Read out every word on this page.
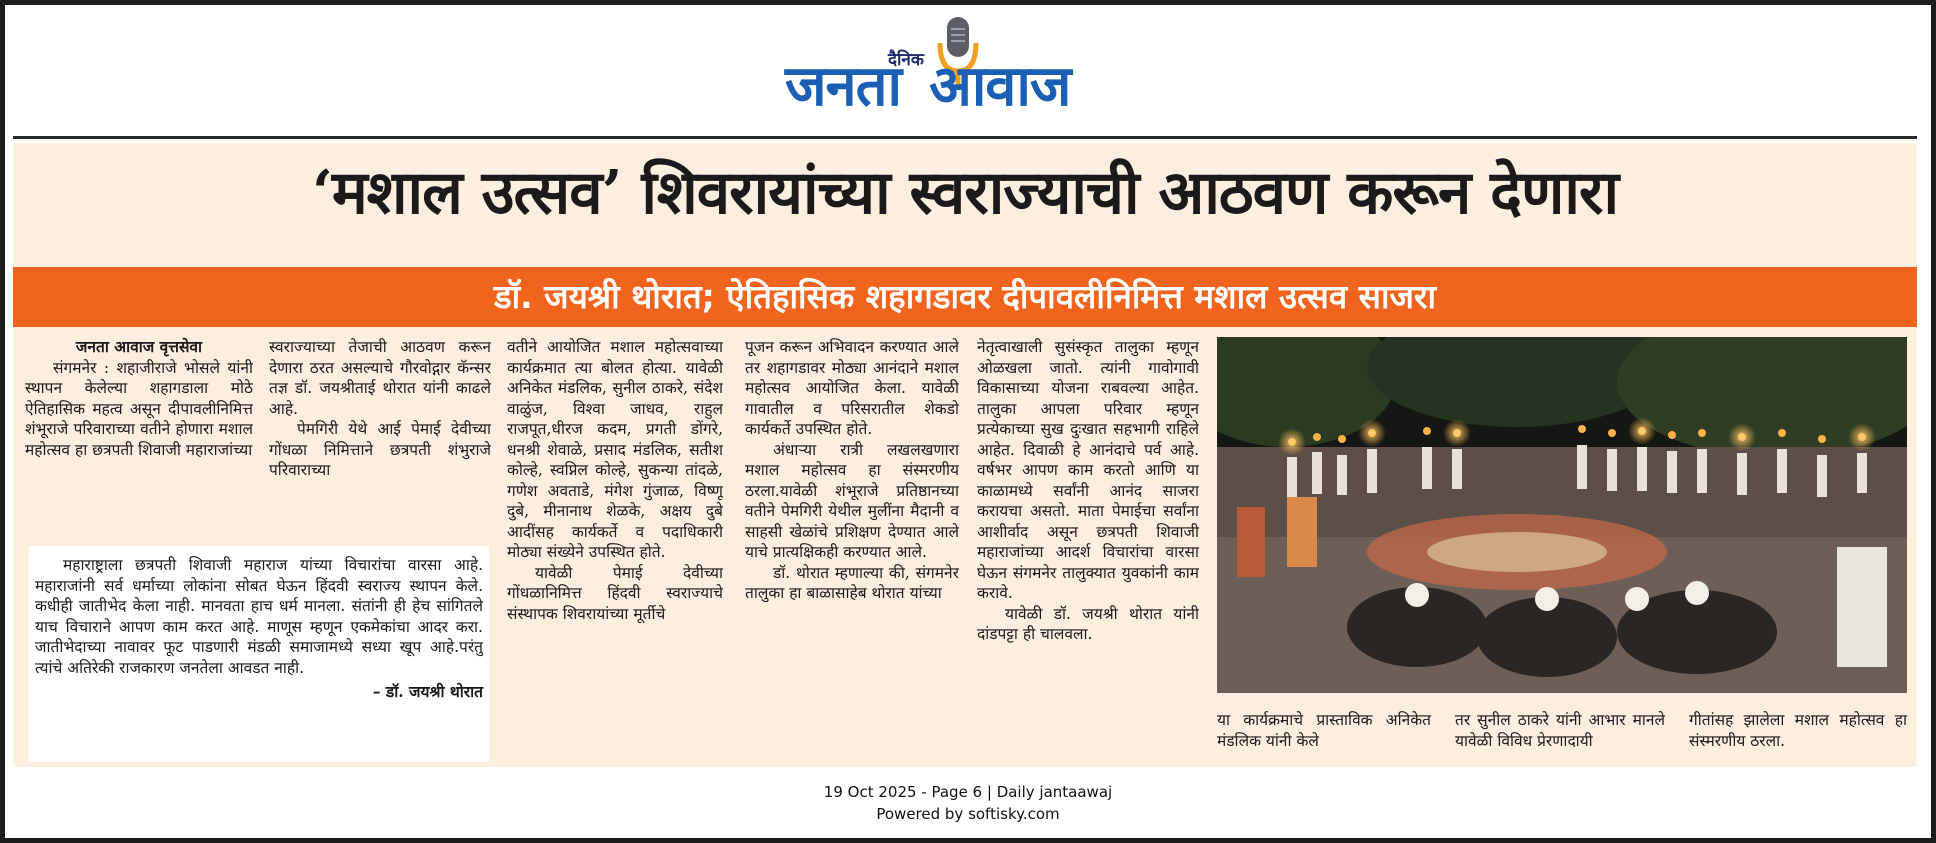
दैनिक
जनता आवाज
‘मशाल उत्सव’ शिवरायांच्या स्वराज्याची आठवण करून देणारा
डॉ. जयश्री थोरात; ऐतिहासिक शहागडावर दीपावलीनिमित्त मशाल उत्सव साजरा

जनता आवाज वृत्तसेवा

संगमनेर : शहाजीराजे भोसले यांनी स्थापन केलेल्या शहागडाला मोठे ऐतिहासिक महत्व असून दीपावलीनिमित्त शंभूराजे परिवाराच्या वतीने होणारा मशाल महोत्सव हा छत्रपती शिवाजी महाराजांच्या

स्वराज्याच्या तेजाची आठवण करून देणारा ठरत असल्याचे गौरवोद्गार कॅन्सर तज्ञ डॉ. जयश्रीताई थोरात यांनी काढले आहे.

पेमगिरी येथे आई पेमाई देवीच्या गोंधळा निमित्ताने छत्रपती शंभुराजे परिवाराच्या

महाराष्ट्राला छत्रपती शिवाजी महाराज यांच्या विचारांचा वारसा आहे. महाराजांनी सर्व धर्माच्या लोकांना सोबत घेऊन हिंदवी स्वराज्य स्थापन केले. कधीही जातीभेद केला नाही. मानवता हाच धर्म मानला. संतांनी ही हेच सांगितले याच विचाराने आपण काम करत आहे. माणूस म्हणून एकमेकांचा आदर करा. जातीभेदाच्या नावावर फूट पाडणारी मंडळी समाजामध्ये सध्या खूप आहे.परंतु त्यांचे अतिरेकी राजकारण जनतेला आवडत नाही.

– डॉ. जयश्री थोरात

वतीने आयोजित मशाल महोत्सवाच्या कार्यक्रमात त्या बोलत होत्या. यावेळी अनिकेत मंडलिक, सुनील ठाकरे, संदेश वाळुंज, विश्वा जाधव, राहुल राजपूत,धीरज कदम, प्रगती डोंगरे, धनश्री शेवाळे, प्रसाद मंडलिक, सतीश कोल्हे, स्वप्निल कोल्हे, सुकन्या तांदळे, गणेश अवताडे, मंगेश गुंजाळ, विष्णू दुबे, मीनानाथ शेळके, अक्षय दुबे आदींसह कार्यकर्ते व पदाधिकारी मोठ्या संख्येने उपस्थित होते.

यावेळी पेमाई देवीच्या गोंधळानिमित्त हिंदवी स्वराज्याचे संस्थापक शिवरायांच्या मूर्तीचे

पूजन करून अभिवादन करण्यात आले तर शहागडावर मोठ्या आनंदाने मशाल महोत्सव आयोजित केला. यावेळी गावातील व परिसरातील शेकडो कार्यकर्ते उपस्थित होते.

अंधाऱ्या रात्री लखलखणारा मशाल महोत्सव हा संस्मरणीय ठरला.यावेळी शंभूराजे प्रतिष्ठानच्या वतीने पेमगिरी येथील मुलींना मैदानी व साहसी खेळांचे प्रशिक्षण देण्यात आले याचे प्रात्यक्षिकही करण्यात आले.

डॉ. थोरात म्हणाल्या की, संगमनेर तालुका हा बाळासाहेब थोरात यांच्या

नेतृत्वाखाली सुसंस्कृत तालुका म्हणून ओळखला जातो. त्यांनी गावोगावी विकासाच्या योजना राबवल्या आहेत. तालुका आपला परिवार म्हणून प्रत्येकाच्या सुख दुःखात सहभागी राहिले आहेत. दिवाळी हे आनंदाचे पर्व आहे. वर्षभर आपण काम करतो आणि या काळामध्ये सर्वांनी आनंद साजरा करायचा असतो. माता पेमाईचा सर्वांना आशीर्वाद असून छत्रपती शिवाजी महाराजांच्या आदर्श विचारांचा वारसा घेऊन संगमनेर तालुक्यात युवकांनी काम करावे.

यावेळी डॉ. जयश्री थोरात यांनी दांडपट्टा ही चालवला.

या कार्यक्रमाचे प्रास्ताविक अनिकेत मंडलिक यांनी केले
तर सुनील ठाकरे यांनी आभार मानले यावेळी विविध प्रेरणादायी
गीतांसह झालेला मशाल महोत्सव हा संस्मरणीय ठरला.
19 Oct 2025 - Page 6 | Daily jantaawaj
Powered by softisky.com
